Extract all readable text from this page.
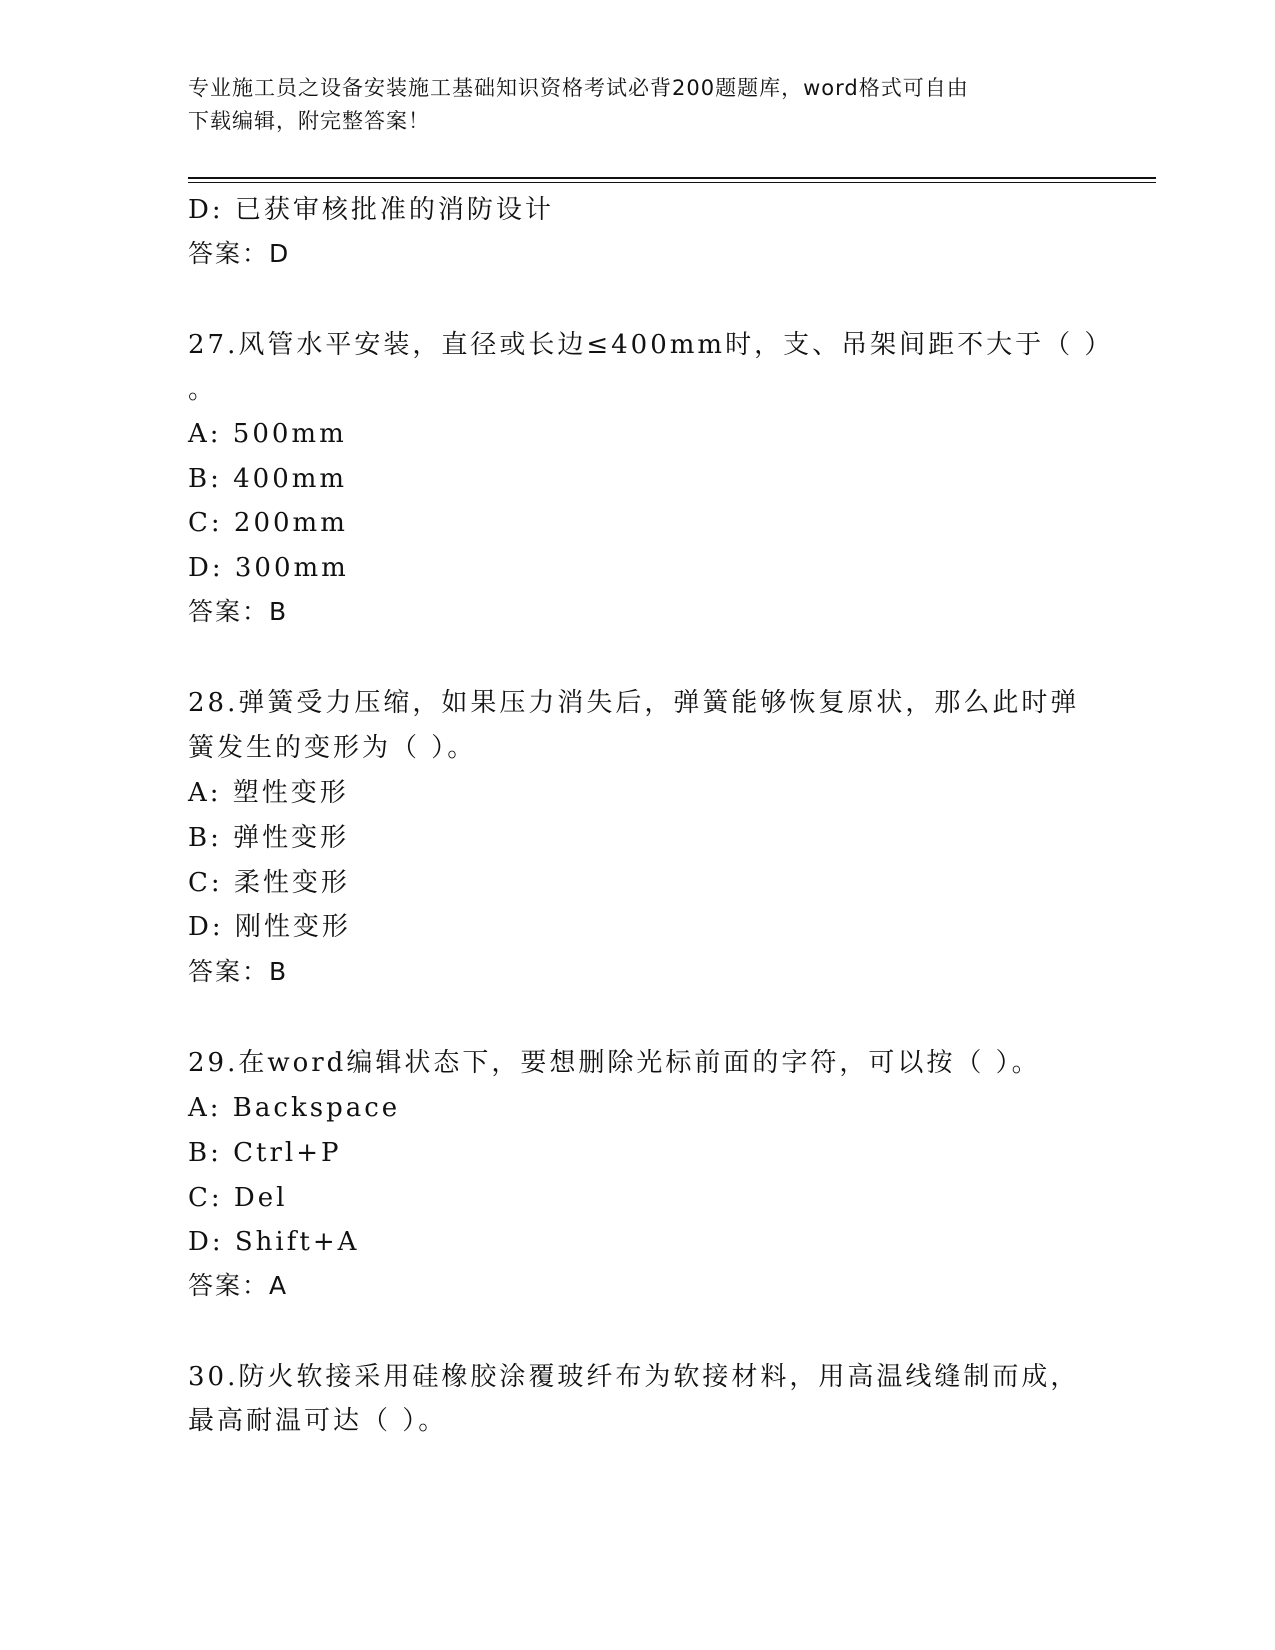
专业施工员之设备安装施工基础知识资格考试必背200题题库，word格式可自由
下载编辑，附完整答案！
D: 已获审核批准的消防设计
答案：D
27.风管水平安装，直径或长边≤400mm时，支、吊架间距不大于（ ）
。
A: 500mm
B: 400mm
C: 200mm
D: 300mm
答案：B
28.弹簧受力压缩，如果压力消失后，弹簧能够恢复原状，那么此时弹
簧发生的变形为（ ）。
A: 塑性变形
B: 弹性变形
C: 柔性变形
D: 刚性变形
答案：B
29.在word编辑状态下，要想删除光标前面的字符，可以按（ ）。
A: Backspace
B: Ctrl+P
C: Del
D: Shift+A
答案：A
30.防火软接采用硅橡胶涂覆玻纤布为软接材料，用高温线缝制而成，
最高耐温可达（ ）。
